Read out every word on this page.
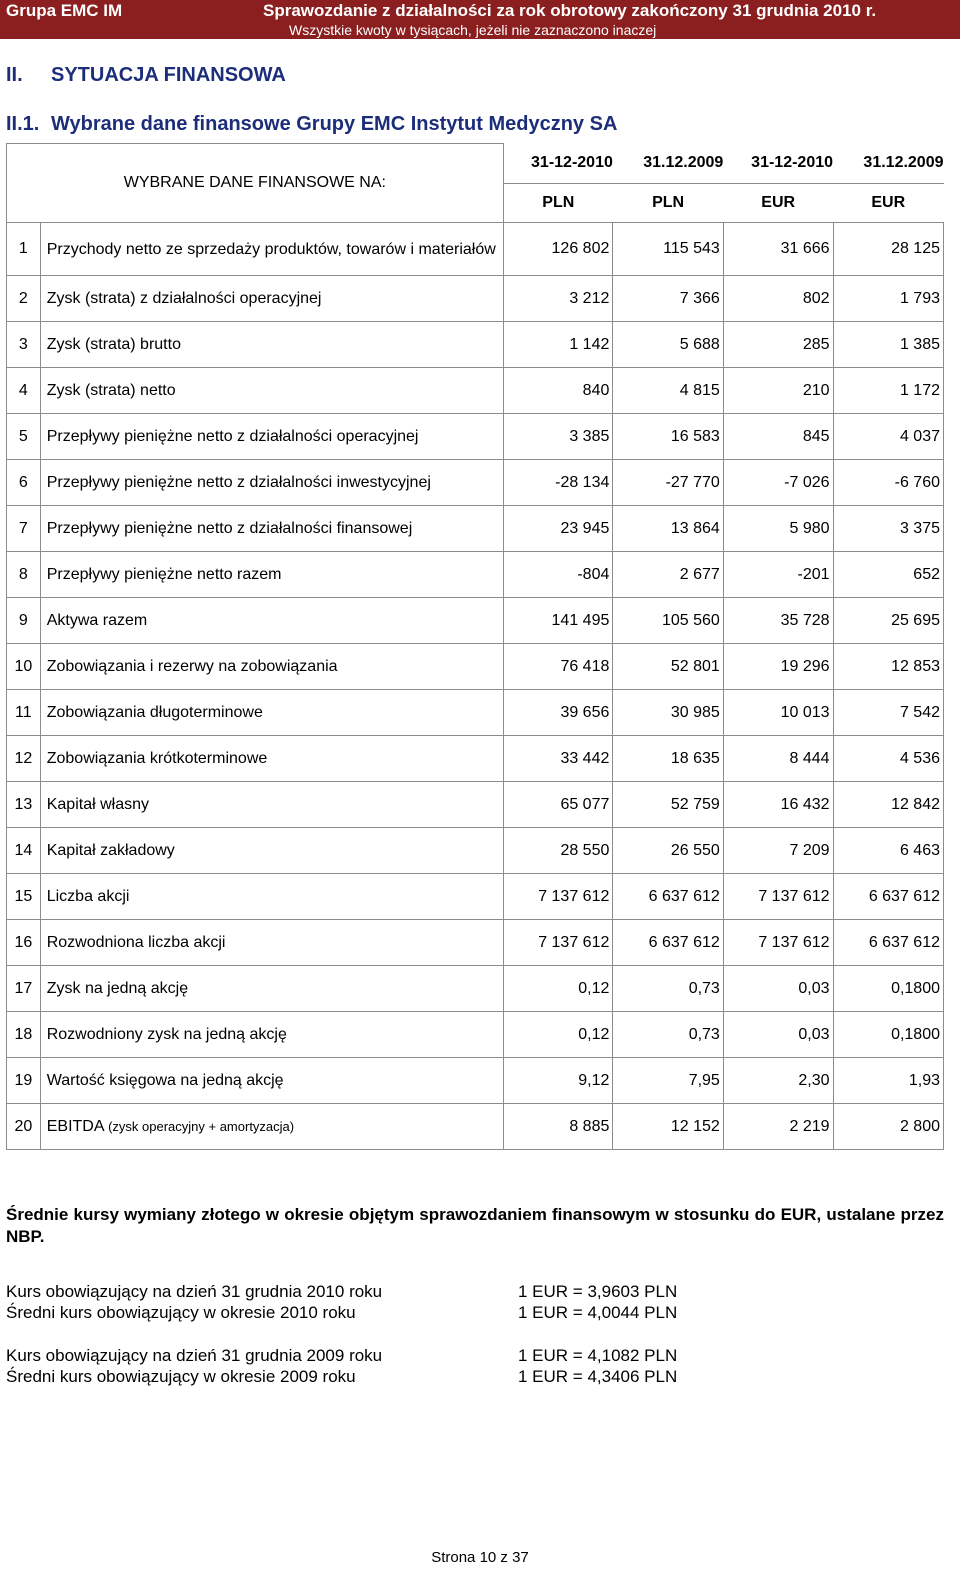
Grupa EMC IM	Sprawozdanie z działalności za rok obrotowy zakończony 31 grudnia 2010 r.
Wszystkie kwoty w tysiącach, jeżeli nie zaznaczono inaczej
II. SYTUACJA FINANSOWA
II.1. Wybrane dane finansowe Grupy EMC Instytut Medyczny SA
WYBRANE DANE FINANSOWE NA:		31-12-2010	31.12.2009	31-12-2010	31.12.2009
		PLN	PLN	EUR	EUR
1	Przychody netto ze sprzedaży produktów, towarów i materiałów	126 802	115 543	31 666	28 125
2	Zysk (strata) z działalności operacyjnej	3 212	7 366	802	1 793
3	Zysk (strata) brutto	1 142	5 688	285	1 385
4	Zysk (strata) netto	840	4 815	210	1 172
5	Przepływy pieniężne netto z działalności operacyjnej	3 385	16 583	845	4 037
6	Przepływy pieniężne netto z działalności inwestycyjnej	-28 134	-27 770	-7 026	-6 760
7	Przepływy pieniężne netto z działalności finansowej	23 945	13 864	5 980	3 375
8	Przepływy pieniężne netto razem	-804	2 677	-201	652
9	Aktywa razem	141 495	105 560	35 728	25 695
10	Zobowiązania i rezerwy na zobowiązania	76 418	52 801	19 296	12 853
11	Zobowiązania długoterminowe	39 656	30 985	10 013	7 542
12	Zobowiązania krótkoterminowe	33 442	18 635	8 444	4 536
13	Kapitał własny	65 077	52 759	16 432	12 842
14	Kapitał zakładowy	28 550	26 550	7 209	6 463
15	Liczba akcji	7 137 612	6 637 612	7 137 612	6 637 612
16	Rozwodniona liczba akcji	7 137 612	6 637 612	7 137 612	6 637 612
17	Zysk na jedną akcję	0,12	0,73	0,03	0,1800
18	Rozwodniony zysk na jedną akcję	0,12	0,73	0,03	0,1800
19	Wartość księgowa na jedną akcję	9,12	7,95	2,30	1,93
20	EBITDA (zysk operacyjny + amortyzacja)	8 885	12 152	2 219	2 800
Średnie kursy wymiany złotego w okresie objętym sprawozdaniem finansowym w stosunku do EUR, ustalane przez NBP.
Kurs obowiązujący na dzień 31 grudnia 2010 roku	1 EUR = 3,9603 PLN
Średni kurs obowiązujący w okresie 2010 roku	1 EUR = 4,0044 PLN
Kurs obowiązujący na dzień 31 grudnia 2009 roku	1 EUR = 4,1082 PLN
Średni kurs obowiązujący w okresie 2009 roku	1 EUR = 4,3406 PLN
Strona 10 z 37
